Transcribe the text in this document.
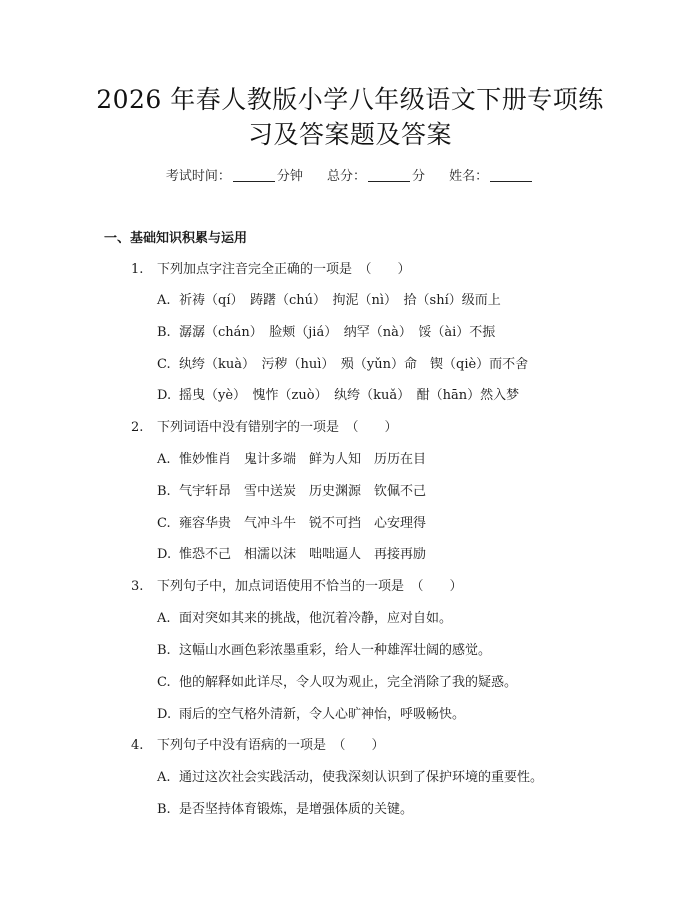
2026 年春人教版小学八年级语文下册专项练
习及答案题及答案
考试时间：	分钟 总分：	分 姓名：
一、基础知识积累与运用
1. 下列加点字注音完全正确的一项是　（　　）
A. 祈祷（qí）　踌躇（chú）　拘泥（nì）　拾（shí）级而上
B. 潺潺（chán）　脸颊（jiá）　纳罕（nà）　馁（ài）不振
C. 纨绔（kuà）　污秽（huì）　殒（yǔn）命　锲（qiè）而不舍
D. 摇曳（yè）　愧怍（zuò）　纨绔（kuǎ）　酣（hān）然入梦
2. 下列词语中没有错别字的一项是　（　　）
A. 惟妙惟肖　鬼计多端　鲜为人知　历历在目
B. 气宇轩昂　雪中送炭　历史渊源　钦佩不己
C. 雍容华贵　气冲斗牛　锐不可挡　心安理得
D. 惟恐不己　相濡以沫　咄咄逼人　再接再励
3. 下列句子中，加点词语使用不恰当的一项是　（　　）
A. 面对突如其来的挑战，他沉着冷静，应对自如。
B. 这幅山水画色彩浓墨重彩，给人一种雄浑壮阔的感觉。
C. 他的解释如此详尽，令人叹为观止，完全消除了我的疑惑。
D. 雨后的空气格外清新，令人心旷神怡，呼吸畅快。
4. 下列句子中没有语病的一项是　（　　）
A. 通过这次社会实践活动，使我深刻认识到了保护环境的重要性。
B. 是否坚持体育锻炼，是增强体质的关键。
